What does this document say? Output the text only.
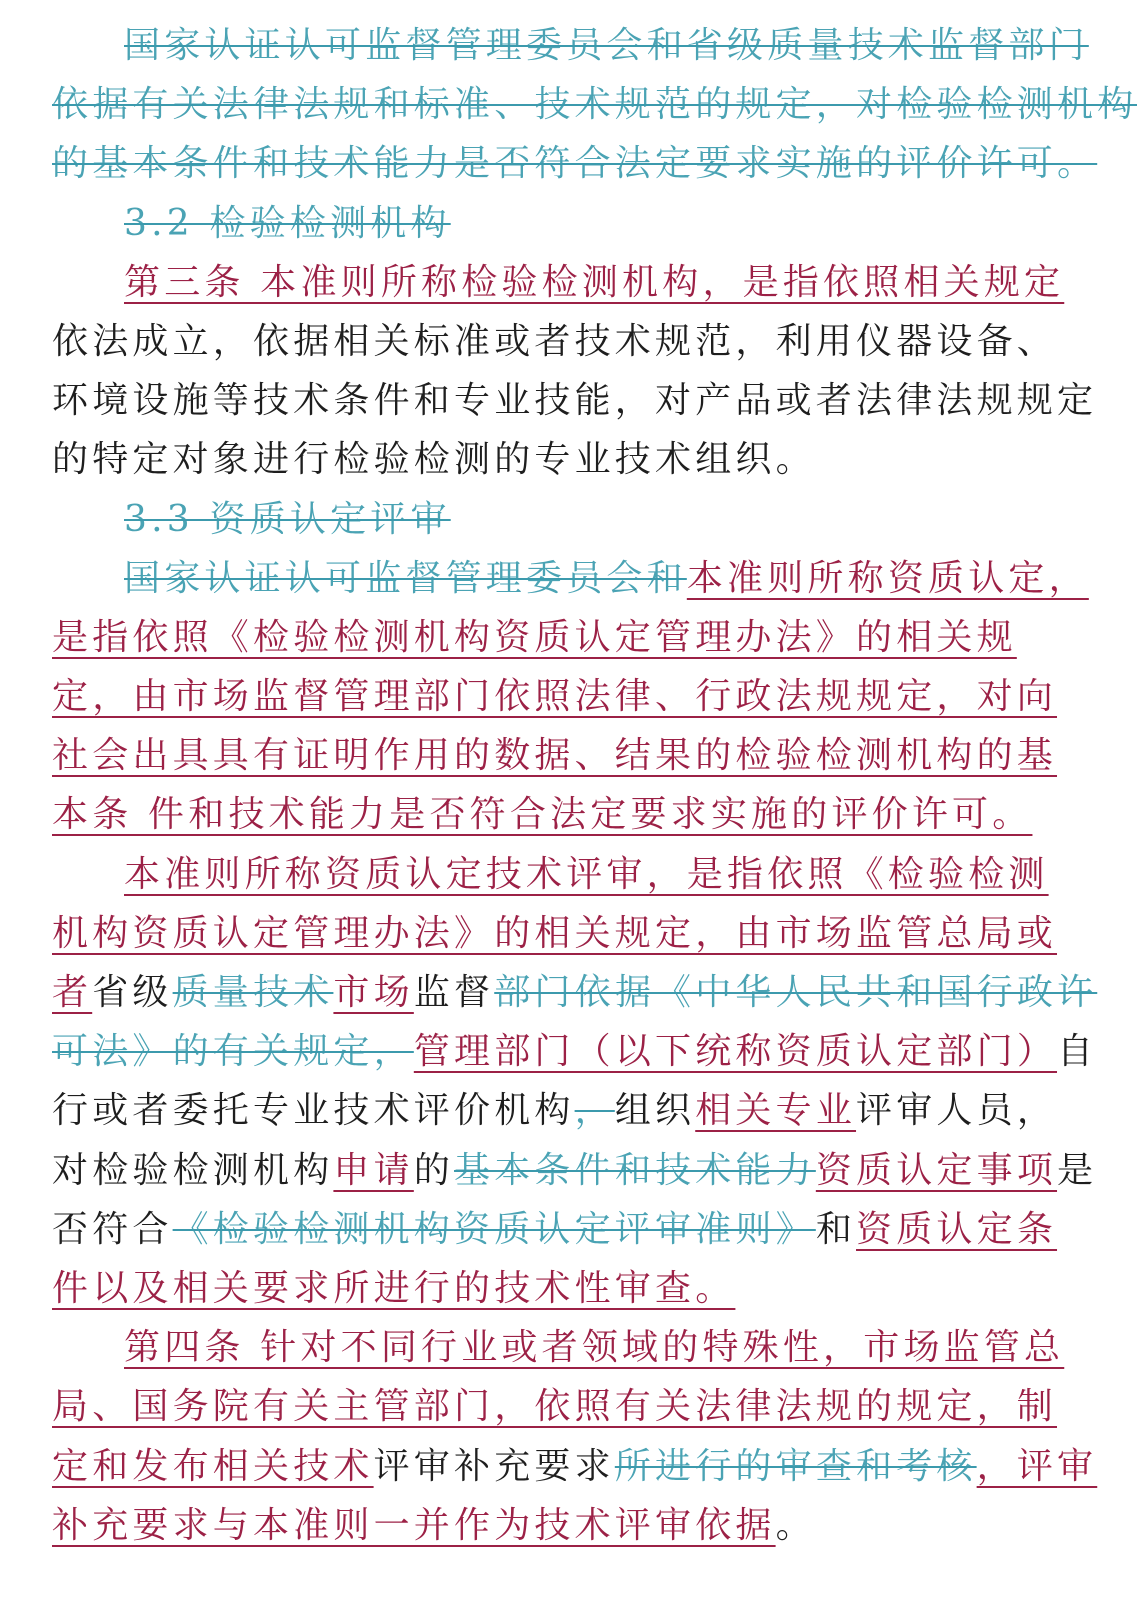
国家认证认可监督管理委员会和省级质量技术监督部门
依据有关法律法规和标准、技术规范的规定，对检验检测机构
的基本条件和技术能力是否符合法定要求实施的评价许可。
3.2 检验检测机构
第三条 本准则所称检验检测机构，是指依照相关规定
依法成立，依据相关标准或者技术规范，利用仪器设备、
环境设施等技术条件和专业技能，对产品或者法律法规规定
的特定对象进行检验检测的专业技术组织。
3.3 资质认定评审
国家认证认可监督管理委员会和本准则所称资质认定，
是指依照《检验检测机构资质认定管理办法》的相关规
定，由市场监督管理部门依照法律、行政法规规定，对向
社会出具具有证明作用的数据、结果的检验检测机构的基
本条 件和技术能力是否符合法定要求实施的评价许可。
本准则所称资质认定技术评审，是指依照《检验检测
机构资质认定管理办法》的相关规定，由市场监管总局或
者省级质量技术市场监督部门依据《中华人民共和国行政许
可法》的有关规定，管理部门（以下统称资质认定部门）自
行或者委托专业技术评价机构，组织相关专业评审人员，
对检验检测机构申请的基本条件和技术能力资质认定事项是
否符合《检验检测机构资质认定评审准则》和资质认定条
件以及相关要求所进行的技术性审查。
第四条 针对不同行业或者领域的特殊性，市场监管总
局、国务院有关主管部门，依照有关法律法规的规定，制
定和发布相关技术评审补充要求所进行的审查和考核，评审
补充要求与本准则一并作为技术评审依据。
